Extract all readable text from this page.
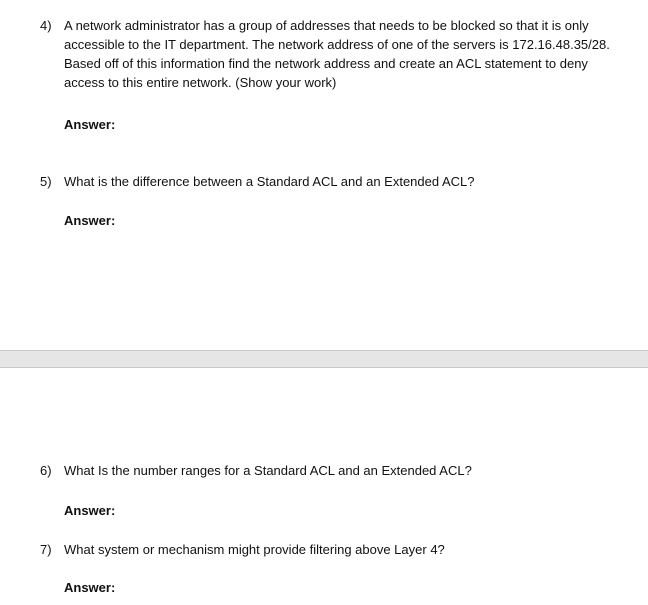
4) A network administrator has a group of addresses that needs to be blocked so that it is only accessible to the IT department. The network address of one of the servers is 172.16.48.35/28. Based off of this information find the network address and create an ACL statement to deny access to this entire network. (Show your work)
Answer:
5) What is the difference between a Standard ACL and an Extended ACL?
Answer:
6) What Is the number ranges for a Standard ACL and an Extended ACL?
Answer:
7) What system or mechanism might provide filtering above Layer 4?
Answer:
